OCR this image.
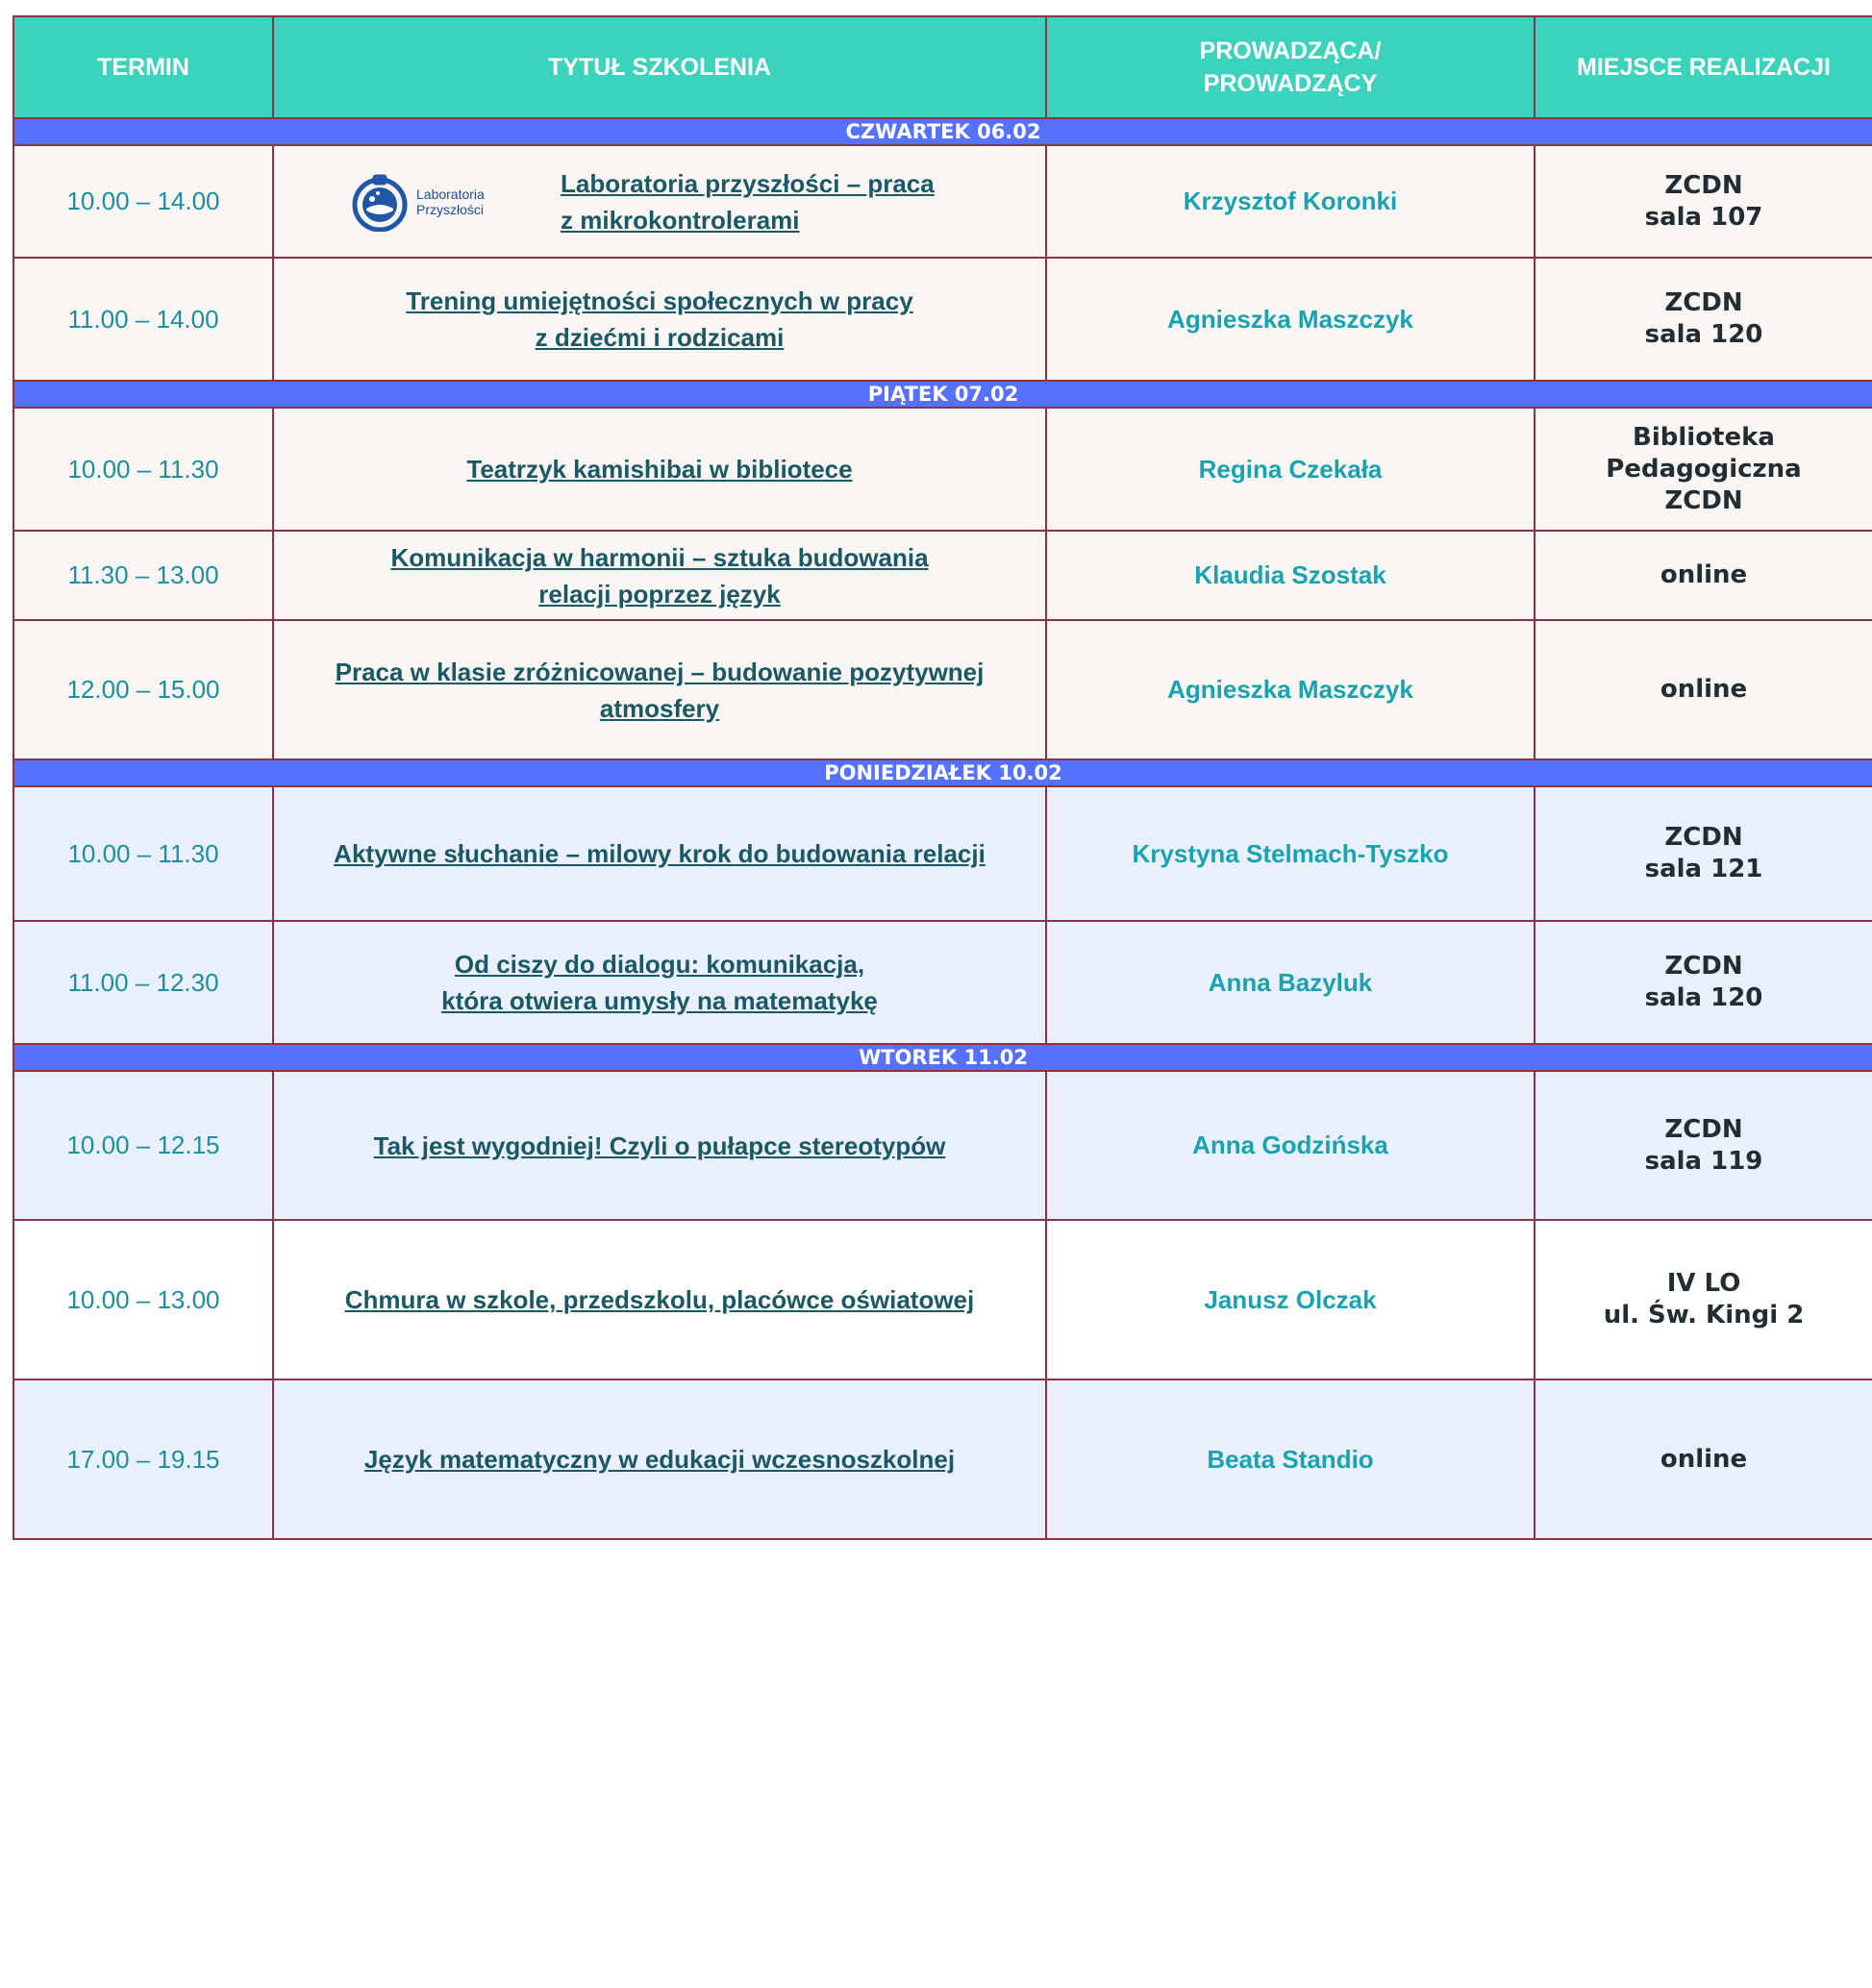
TERMIN	TYTUŁ SZKOLENIA	PROWADZĄCA/
PROWADZĄCY	MIEJSCE REALIZACJI
CZWARTEK 06.02			
10.00 – 14.00	Laboratoria
Przyszłości
Laboratoria przyszłości – praca
z mikrokontrolerami	Krzysztof Koronki	ZCDN
sala 107

11.00 – 14.00	Trening umiejętności społecznych w pracy
z dziećmi i rodzicami	Agnieszka Maszczyk	ZCDN
sala 120

PIĄTEK 07.02			
10.00 – 11.30	Teatrzyk kamishibai w bibliotece	Regina Czekała	Biblioteka Pedagogiczna
ZCDN

11.30 – 13.00	Komunikacja w harmonii – sztuka budowania
relacji poprzez język	Klaudia Szostak	online

12.00 – 15.00	Praca w klasie zróżnicowanej – budowanie pozytywnej
atmosfery	Agnieszka Maszczyk	online

PONIEDZIAŁEK 10.02			
10.00 – 11.30	Aktywne słuchanie – milowy krok do budowania relacji	Krystyna Stelmach-Tyszko	ZCDN
sala 121

11.00 – 12.30	Od ciszy do dialogu: komunikacja,
która otwiera umysły na matematykę	Anna Bazyluk	ZCDN
sala 120

WTOREK 11.02			
10.00 – 12.15	Tak jest wygodniej! Czyli o pułapce stereotypów	Anna Godzińska	ZCDN
sala 119

10.00 – 13.00	Chmura w szkole, przedszkolu, placówce oświatowej	Janusz Olczak	IV LO
ul. Św. Kingi 2

17.00 – 19.15	Język matematyczny w edukacji wczesnoszkolnej	Beata Standio	online
